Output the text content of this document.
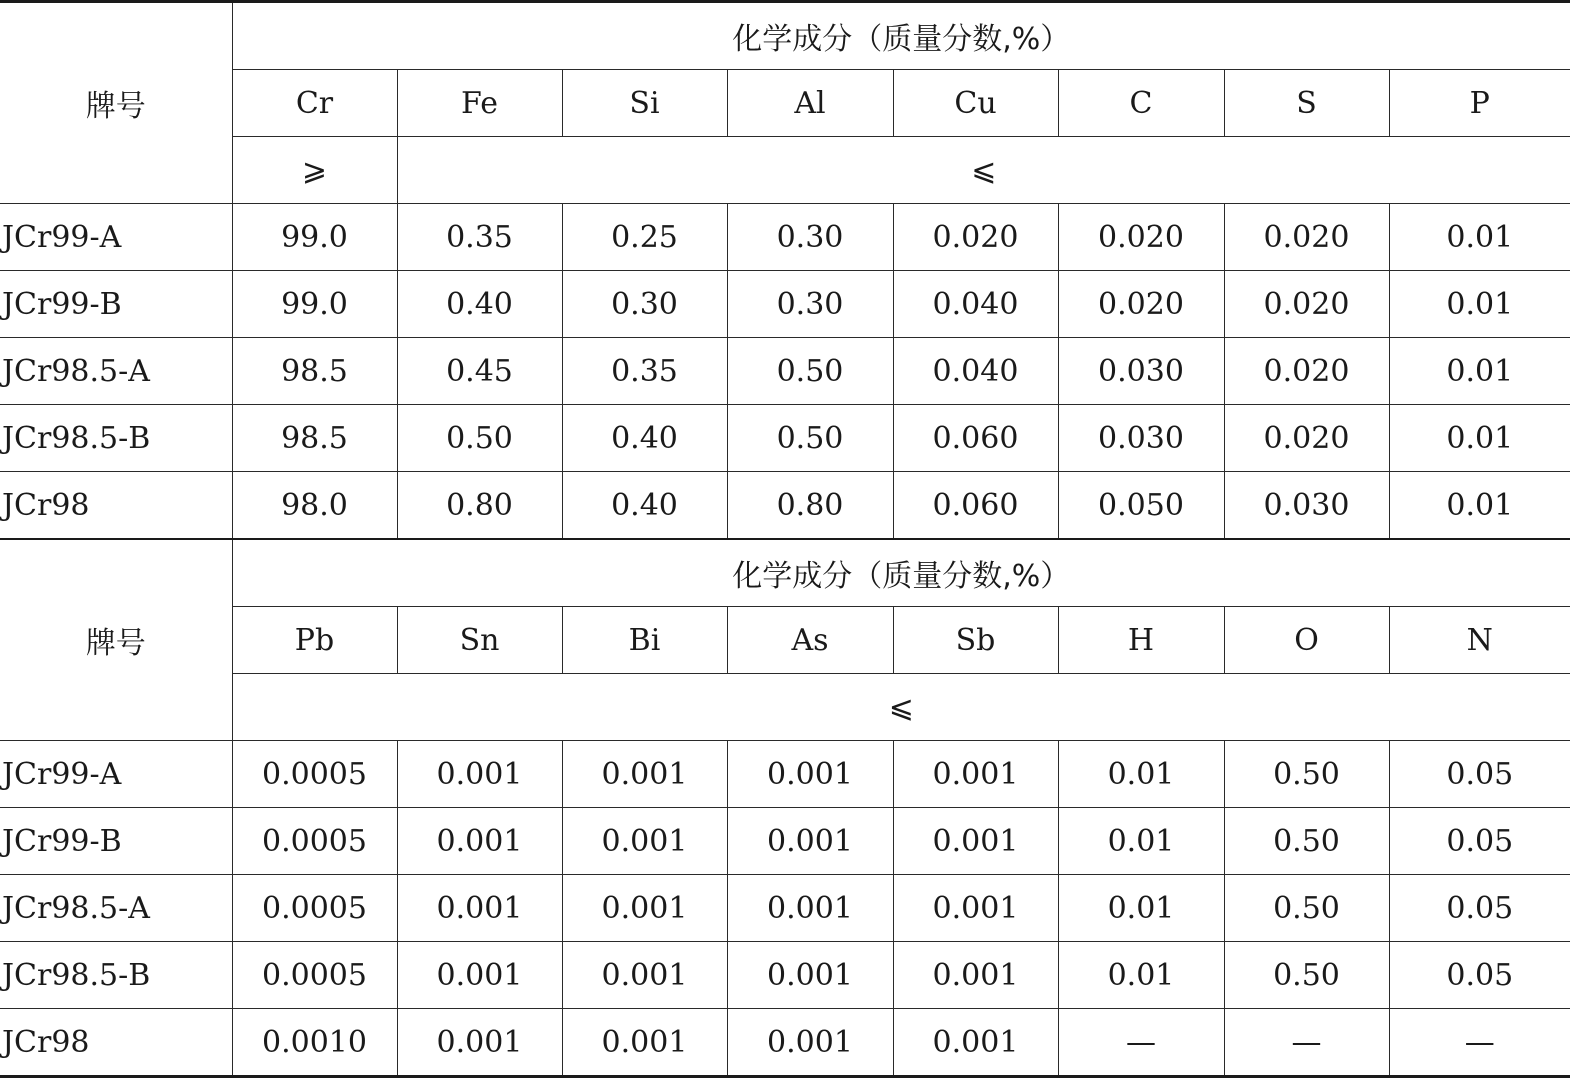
牌号	化学成分（质量分数,%）							
	Cr	Fe	Si	Al	Cu	C	S	P
	⩾	⩽						
JCr99-A	99.0	0.35	0.25	0.30	0.020	0.020	0.020	0.01
JCr99-B	99.0	0.40	0.30	0.30	0.040	0.020	0.020	0.01
JCr98.5-A	98.5	0.45	0.35	0.50	0.040	0.030	0.020	0.01
JCr98.5-B	98.5	0.50	0.40	0.50	0.060	0.030	0.020	0.01
JCr98	98.0	0.80	0.40	0.80	0.060	0.050	0.030	0.01
牌号	化学成分（质量分数,%）							
	Pb	Sn	Bi	As	Sb	H	O	N
	⩽							
JCr99-A	0.0005	0.001	0.001	0.001	0.001	0.01	0.50	0.05
JCr99-B	0.0005	0.001	0.001	0.001	0.001	0.01	0.50	0.05
JCr98.5-A	0.0005	0.001	0.001	0.001	0.001	0.01	0.50	0.05
JCr98.5-B	0.0005	0.001	0.001	0.001	0.001	0.01	0.50	0.05
JCr98	0.0010	0.001	0.001	0.001	0.001	—	—	—
